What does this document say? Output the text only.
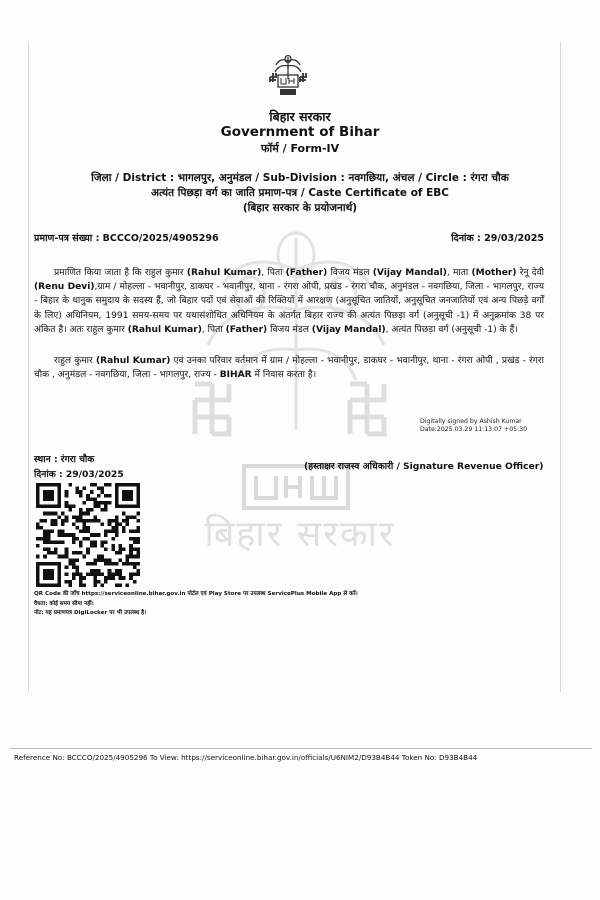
बिहार सरकार
बिहार सरकार
Government of Bihar
फॉर्म / Form-IV
जिला / District : भागलपुर, अनुमंडल / Sub-Division : नवगछिया, अंचल / Circle : रंगरा चौक
अत्यंत पिछड़ा वर्ग का जाति प्रमाण-पत्र / Caste Certificate of EBC
(बिहार सरकार के प्रयोजनार्थ)
प्रमाण-पत्र संख्या : BCCCO/2025/4905296	दिनांक : 29/03/2025
प्रमाणित किया जाता है कि राहुल कुमार (Rahul Kumar), पिता (Father) विजय मंडल (Vijay Mandal), माता (Mother) रेनू देवी (Renu Devi),ग्राम / मोहल्ला - भवानीपुर, डाकघर - भवानीपुर, थाना - रंगरा ओपी, प्रखंड - रंगरा चौक, अनुमंडल - नवगछिया, जिला - भागलपुर, राज्य - बिहार के धानुक समुदाय के सदस्य हैं, जो बिहार पदों एवं सेवाओं की रिक्तियों में आरक्षण (अनुसूचित जातियों, अनुसूचित जनजातियों एवं अन्य पिछड़े वर्गों के लिए) अधिनियम, 1991 समय-समय पर यथासंशोधित अधिनियम के अंतर्गत बिहार राज्य की अत्यंत पिछड़ा वर्ग (अनुसूची -1) में अनुक्रमांक 38 पर अंकित है। अतः राहुल कुमार (Rahul Kumar), पिता (Father) विजय मंडल (Vijay Mandal), अत्यंत पिछड़ा वर्ग (अनुसूची -1) के हैं।
राहुल कुमार (Rahul Kumar) एवं उनका परिवार वर्तमान में ग्राम / मोहल्ला - भवानीपुर, डाकघर - भवानीपुर, थाना - रंगरा ओपी , प्रखंड - रंगरा चौक , अनुमंडल - नवगछिया, जिला - भागलपुर, राज्य - BIHAR में निवास करता है।
Digitally signed by Ashish Kumar
Date:2025.03.29 11:13:07 +05:30
स्थान : रंगरा चौक
दिनांक : 29/03/2025
(हस्ताक्षर राजस्व अधिकारी / Signature Revenue Officer)
QR Code की जाँच https://serviceonline.bihar.gov.in पोर्टल एवं Play Store पर उपलब्ध ServicePlus Mobile App से करें।
वैधता: कोई समय सीमा नहीं।
नोट: यह प्रमाणपत्र DigiLocker पर भी उपलब्ध है।
Reference No: BCCCO/2025/4905296 To View: https://serviceonline.bihar.gov.in/officials/U6NIM2/D93B4B44 Token No: D93B4B44
